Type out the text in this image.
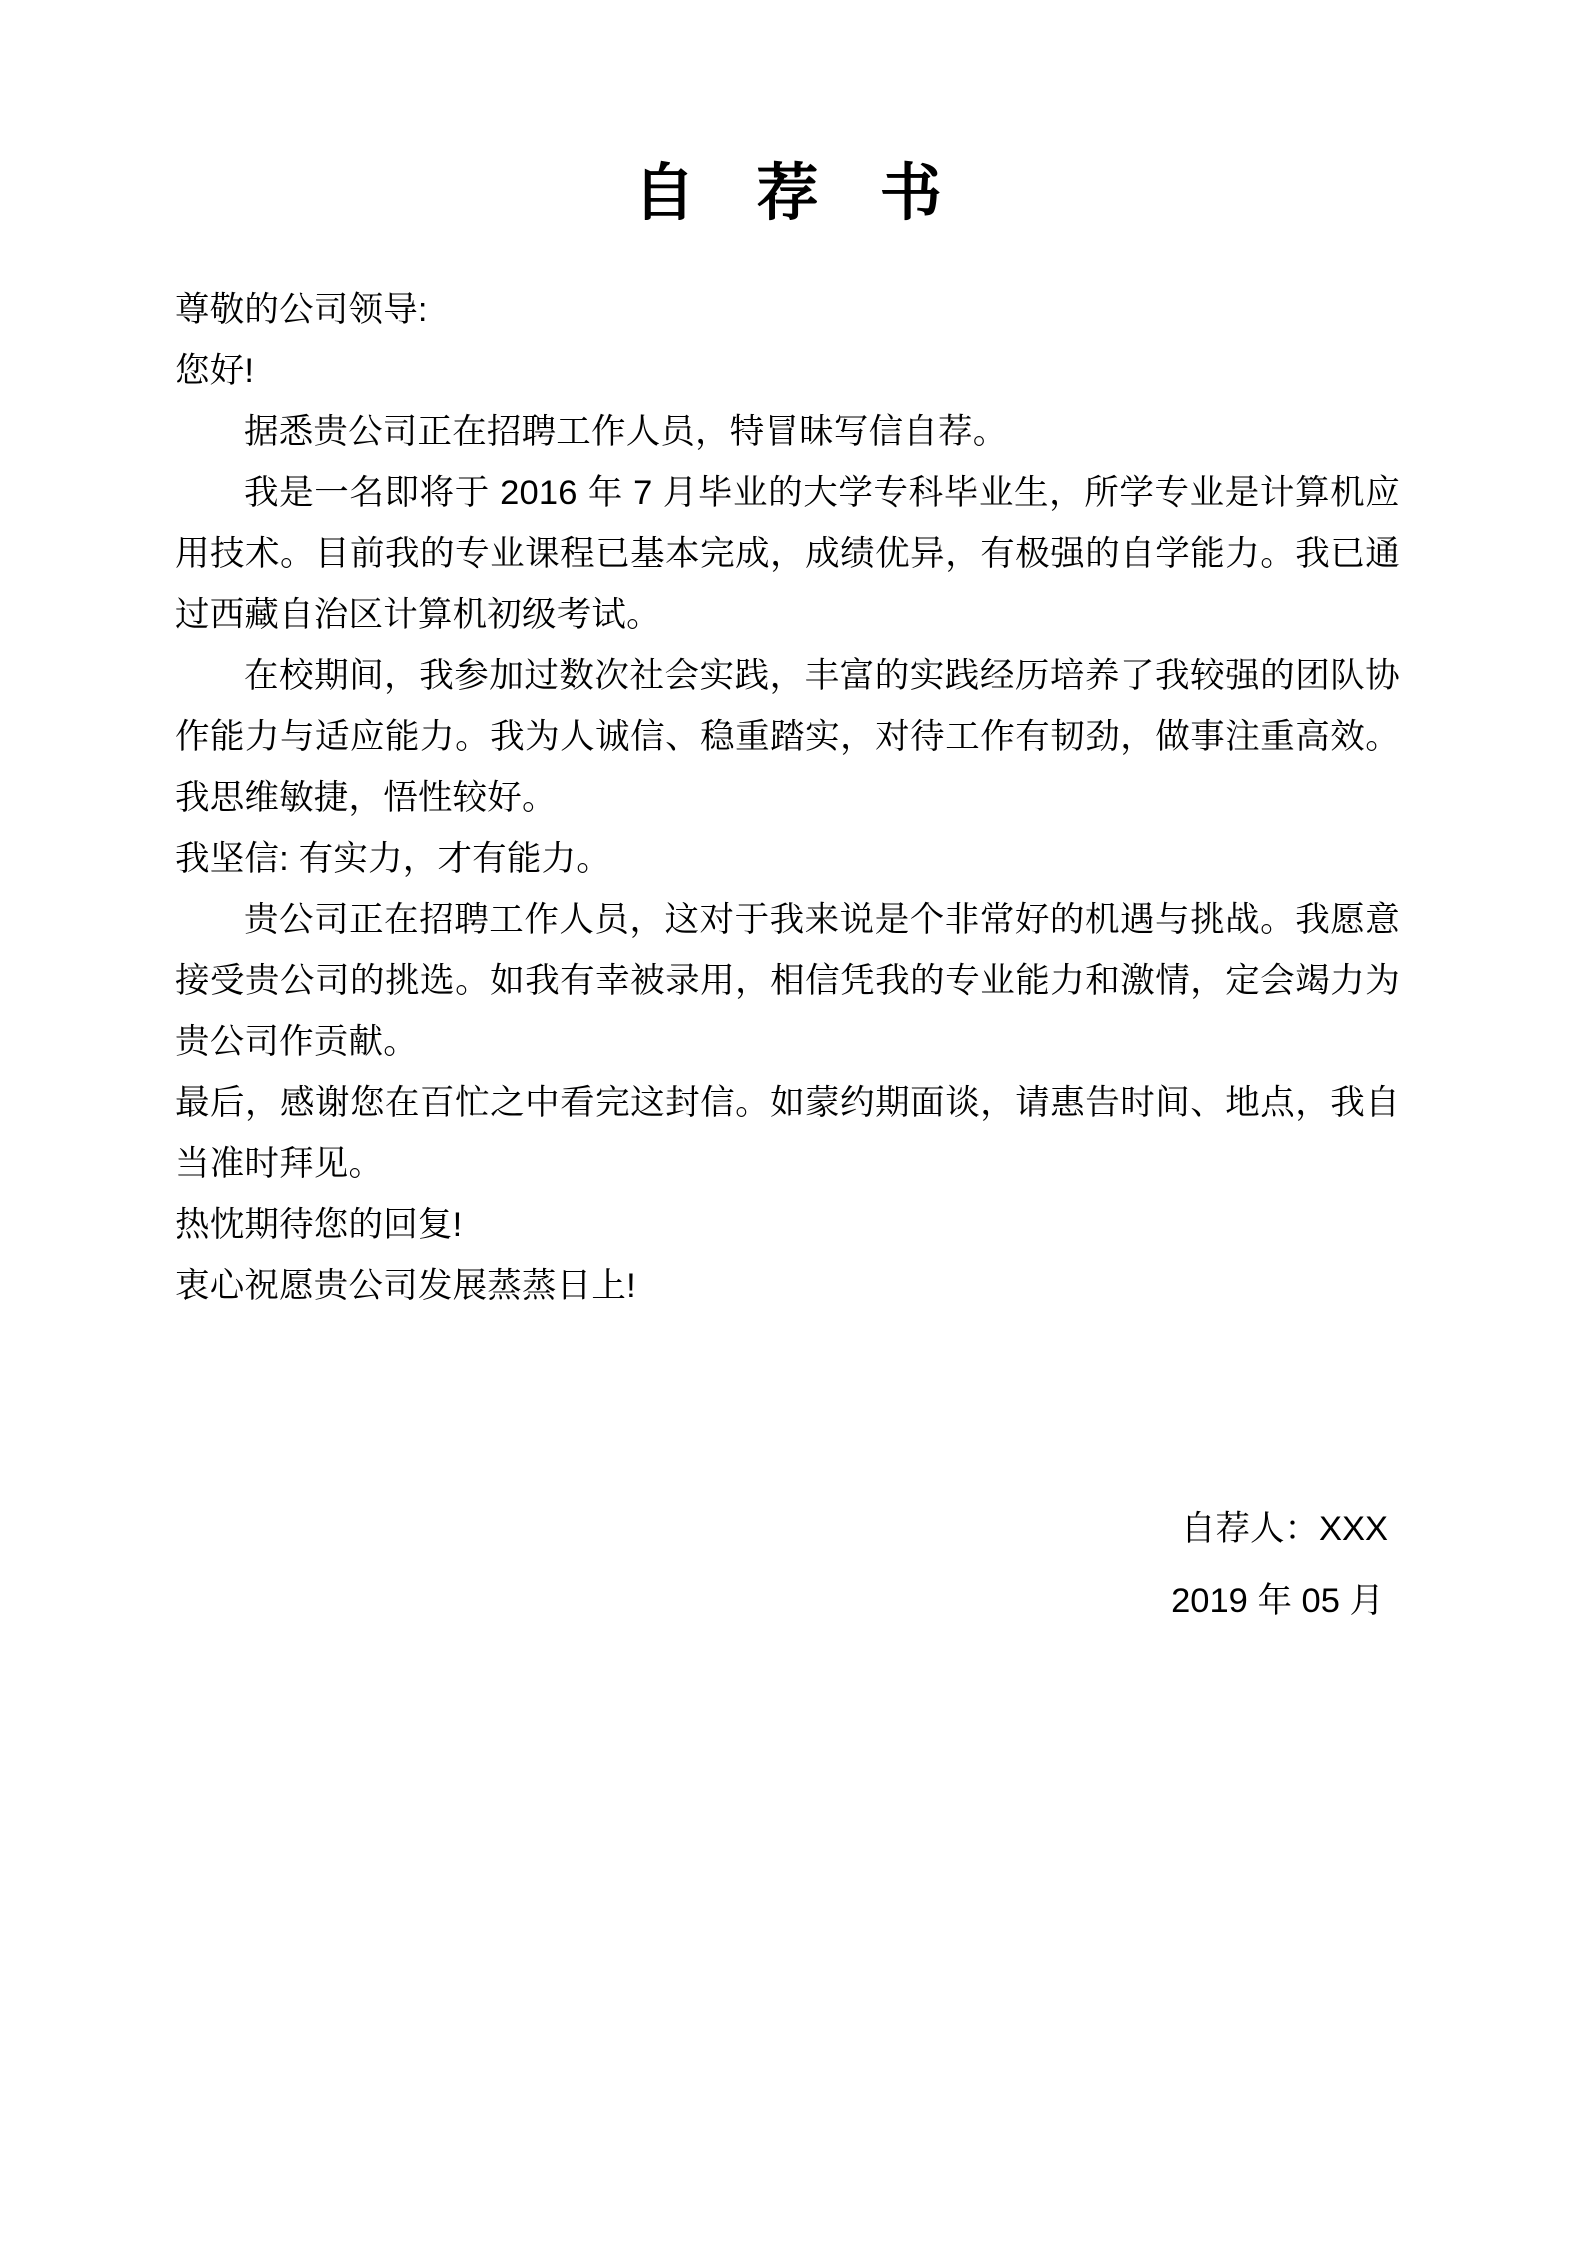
自 荐 书

尊敬的公司领导:

您好!

据悉贵公司正在招聘工作人员，特冒昧写信自荐。

我是一名即将于 2016 年 7 月毕业的大学专科毕业生，所学专业是计算机应用技术。目前我的专业课程已基本完成，成绩优异，有极强的自学能力。我已通过西藏自治区计算机初级考试。

在校期间，我参加过数次社会实践，丰富的实践经历培养了我较强的团队协作能力与适应能力。我为人诚信、稳重踏实，对待工作有韧劲，做事注重高效。我思维敏捷，悟性较好。

我坚信: 有实力，才有能力。

贵公司正在招聘工作人员，这对于我来说是个非常好的机遇与挑战。我愿意接受贵公司的挑选。如我有幸被录用，相信凭我的专业能力和激情，定会竭力为贵公司作贡献。

最后，感谢您在百忙之中看完这封信。如蒙约期面谈，请惠告时间、地点，我自当准时拜见。

热忱期待您的回复!

衷心祝愿贵公司发展蒸蒸日上!

自荐人：XXX
2019 年 05 月
